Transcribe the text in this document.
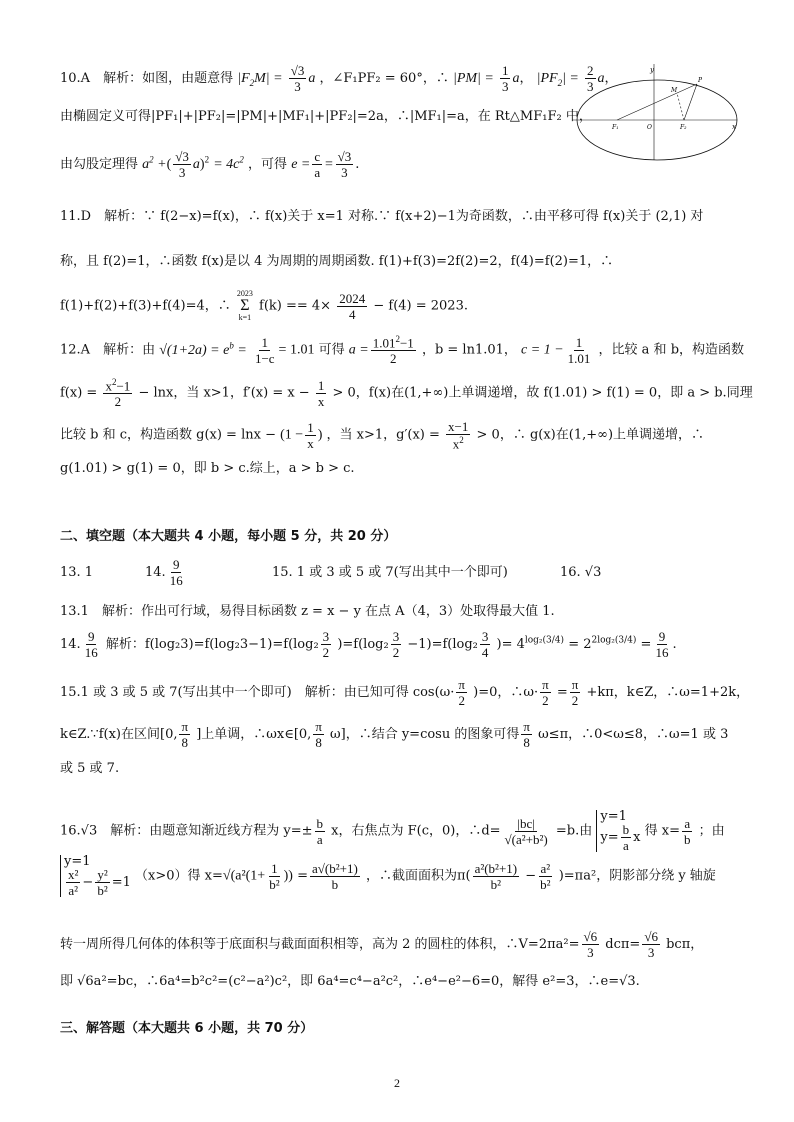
10.A　解析：如图，由题意得 $|F_2M| = \frac{√3}{3}$ a ，∠F₁PF₂ = 60°，∴ $|PM| = \frac{1}{3}$ a， $|PF_2| = \frac{2}{3}$ a，
由椭圆定义可得|PF₁|+|PF₂|=|PM|+|MF₁|+|PF₂|=2a，∴|MF₁|=a，在 Rt△MF₁F₂ 中，
由勾股定理得 $a^2$ +( $\frac{√3}{3} a)^2 = 4c^2$ ，可得 $e = \frac{c}{a} = \frac{√3}{3}$ .
y
x
F₁	O	F₂
M
P
11.D　解析：∵ f(2−x)=f(x)，∴ f(x)关于 x=1 对称.∵ f(x+2)−1为奇函数，∴由平移可得 f(x)关于 (2,1) 对
称，且 f(2)=1，∴函数 f(x)是以 4 为周期的周期函数. f(1)+f(3)=2f(2)=2，f(4)=f(2)=1，∴
f(1)+f(2)+f(3)+f(4)=4，∴
2023
Σ
k=1
$f(k) == 4\times \frac{2024}{4} - f(4) = 2023$.
12.A　解析：由 $√(1+2a) = e^b = \frac{1}{1-c} = 1.01$ 可得 $a = \frac{1.01^2-1}{2}$ ，b = ln1.01， $c = 1 - \frac{1}{1.01}$ ，比较 a 和 b，构造函数
$f(x) = \frac{x^2-1}{2} - \ln x$，当 x>1，$f'(x) = x - \frac{1}{x} > 0$，f(x)在(1,+∞)上单调递增，故 f(1.01) > f(1) = 0，即 a > b.同理
比较 b 和 c，构造函数 $g(x) = \ln x - (1 - \frac{1}{x}$ ) ，当 x>1，$g'(x) = \frac{x-1}{x^2} > 0$，∴ g(x)在(1,+∞)上单调递增，∴
g(1.01) > g(1) = 0，即 b > c.综上，a > b > c.
二、填空题（本大题共 4 小题，每小题 5 分，共 20 分）
13. 1	14. $\frac{9}{16}$	15. 1 或 3 或 5 或 7(写出其中一个即可)	16. √3
13.1　解析：作出可行域，易得目标函数 z = x − y 在点 A（4，3）处取得最大值 1.
14. $\frac{9}{16}$ 解析：$f(\log_23)=f(\log_23-1)=f(\log_2 \frac{3}{2} )=f(\log_2 \frac{3}{2} -1)=f(\log_2 \frac{3}{4}$ )= $4^{log_2(3/4)} = 2^{2log_2(3/4)} = \frac{9}{16}$ .
15.1 或 3 或 5 或 7(写出其中一个即可)　解析：由已知可得 $\cos(\omega\cdot \frac{\pi}{2} )=0$，∴ω· $\frac{\pi}{2} = \frac{\pi}{2} +k\pi$，k∈Z，∴ω=1+2k，
k∈Z.∵f(x)在区间[0, $\frac{\pi}{8}$ ]上单调，∴ωx∈[0, $\frac{\pi}{8} \omega$]，∴结合 y=cosu 的图象可得 $\frac{\pi}{8} \omega\le\pi$，∴0<ω≤8，∴ω=1 或 3
或 5 或 7.
16.√3　解析：由题意知渐近线方程为 $y=\pm \frac{b}{a}$ x，右焦点为 F(c，0)，∴d= $\frac{|bc|}{\text{√(a²+b²)}} =b$.由
y=1
$y= \frac{b}{a}$ x 得 $x= \frac{a}{b}$ ；由
y=1
$\frac{\text{x²}}{\text{a²}} - \frac{\text{y²}}{\text{b²}} =1$ （x>0）得 $x=√(a^2(1+ \frac{1}{\text{b²}}$ )) = $\frac{\text{a√(b²+1)}}{b}$ ，∴截面面积为$\pi( \frac{\text{a²(b²+1)}}{\text{b²}} - \frac{\text{a²}}{\text{b²}} )=\pi a^2$，阴影部分绕 y 轴旋
转一周所得几何体的体积等于底面积与截面面积相等，高为 2 的圆柱的体积，∴V=2πa²= $\frac{√6}{3} dc\pi= \frac{√6}{3}$ bcπ，
即 √6a²=bc，∴6a⁴=b²c²=(c²−a²)c²，即 6a⁴=c⁴−a²c²，∴e⁴−e²−6=0，解得 e²=3，∴e=√3.
三、解答题（本大题共 6 小题，共 70 分）
2
